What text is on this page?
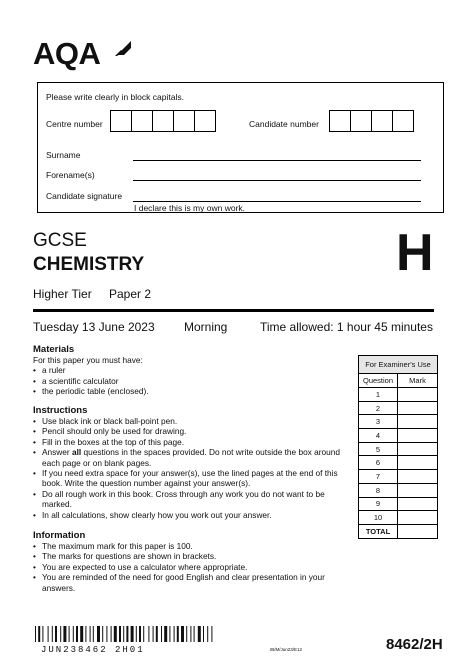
AQA
Please write clearly in block capitals.
Centre number	Candidate number
Surname
Forename(s)
Candidate signature
I declare this is my own work.
GCSE
CHEMISTRY	H
Higher Tier Paper 2
Tuesday 13 June 2023 Morning	Time allowed: 1 hour 45 minutes
Materials
For this paper you must have:
• a ruler
• a scientific calculator
• the periodic table (enclosed).
Instructions
• Use black ink or black ball-point pen.
• Pencil should only be used for drawing.
• Fill in the boxes at the top of this page.
• Answer all questions in the spaces provided. Do not write outside the box around each page or on blank pages.
• If you need extra space for your answer(s), use the lined pages at the end of this book. Write the question number against your answer(s).
• Do all rough work in this book. Cross through any work you do not want to be marked.
• In all calculations, show clearly how you work out your answer.
Information
• The maximum mark for this paper is 100.
• The marks for questions are shown in brackets.
• You are expected to use a calculator where appropriate.
• You are reminded of the need for good English and clear presentation in your answers.
For Examiner's Use	
Question	Mark
1	
2	
3	
4	
5	
6	
7	
8	
9	
10	
TOTAL	
JUN238462 2H01	IB/M/Jun23/E12	8462/2H
